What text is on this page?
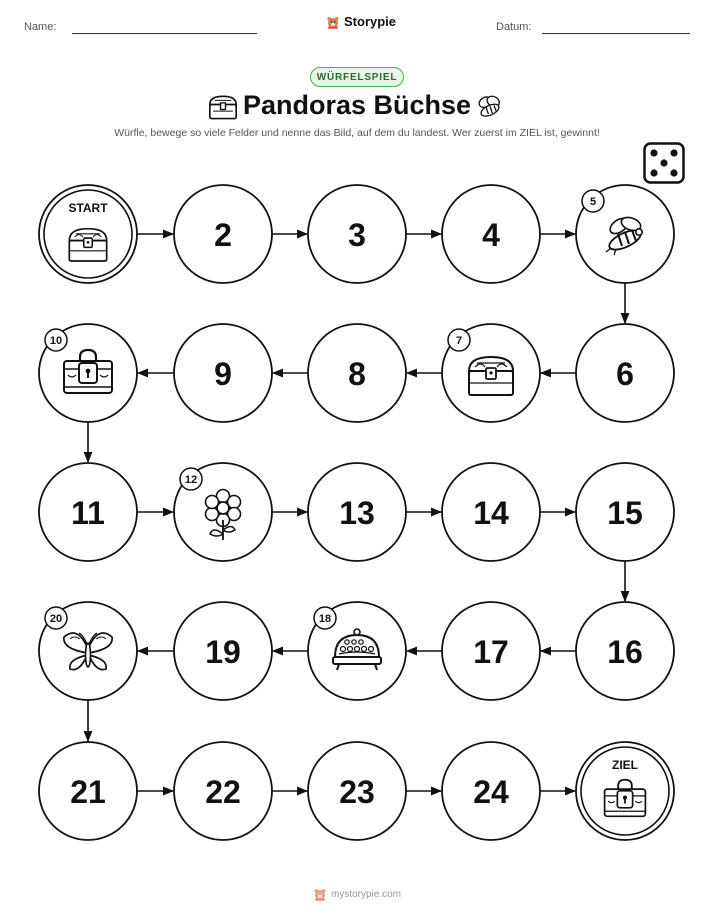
Name:	Storypie	Datum:
WÜRFELSPIEL
Pandoras Büchse
Würfle, bewege so viele Felder und nenne das Bild, auf dem du landest. Wer zuerst im ZIEL ist, gewinnt!
START
2	3	4
5
10
9	8
7
6
11
12
13	14	15
20
19
18
17	16
21	22	23	24
ZIEL
mystorypie.com
